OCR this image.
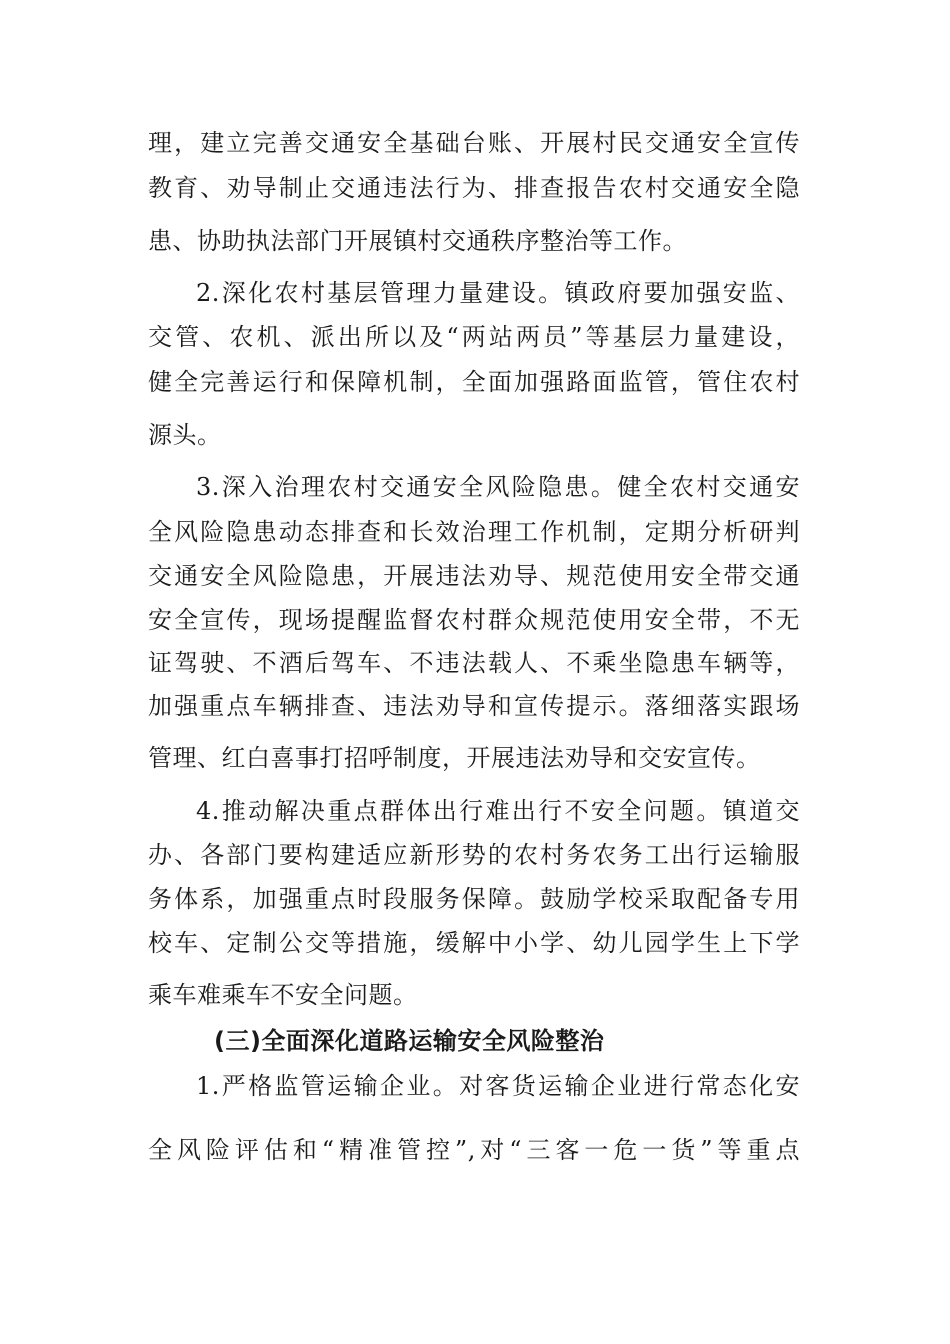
理，建立完善交通安全基础台账、开展村民交通安全宣传
教育、劝导制止交通违法行为、排查报告农村交通安全隐
患、协助执法部门开展镇村交通秩序整治等工作。
2.深化农村基层管理力量建设。镇政府要加强安监、
交管、农机、派出所以及“两站两员”等基层力量建设，
健全完善运行和保障机制，全面加强路面监管，管住农村
源头。
3.深入治理农村交通安全风险隐患。健全农村交通安
全风险隐患动态排查和长效治理工作机制，定期分析研判
交通安全风险隐患，开展违法劝导、规范使用安全带交通
安全宣传，现场提醒监督农村群众规范使用安全带，不无
证驾驶、不酒后驾车、不违法载人、不乘坐隐患车辆等，
加强重点车辆排查、违法劝导和宣传提示。落细落实跟场
管理、红白喜事打招呼制度，开展违法劝导和交安宣传。
4.推动解决重点群体出行难出行不安全问题。镇道交
办、各部门要构建适应新形势的农村务农务工出行运输服
务体系，加强重点时段服务保障。鼓励学校采取配备专用
校车、定制公交等措施，缓解中小学、幼儿园学生上下学
乘车难乘车不安全问题。
(三)全面深化道路运输安全风险整治
1.严格监管运输企业。对客货运输企业进行常态化安
全风险评估和“精准管控”,对“三客一危一货”等重点
